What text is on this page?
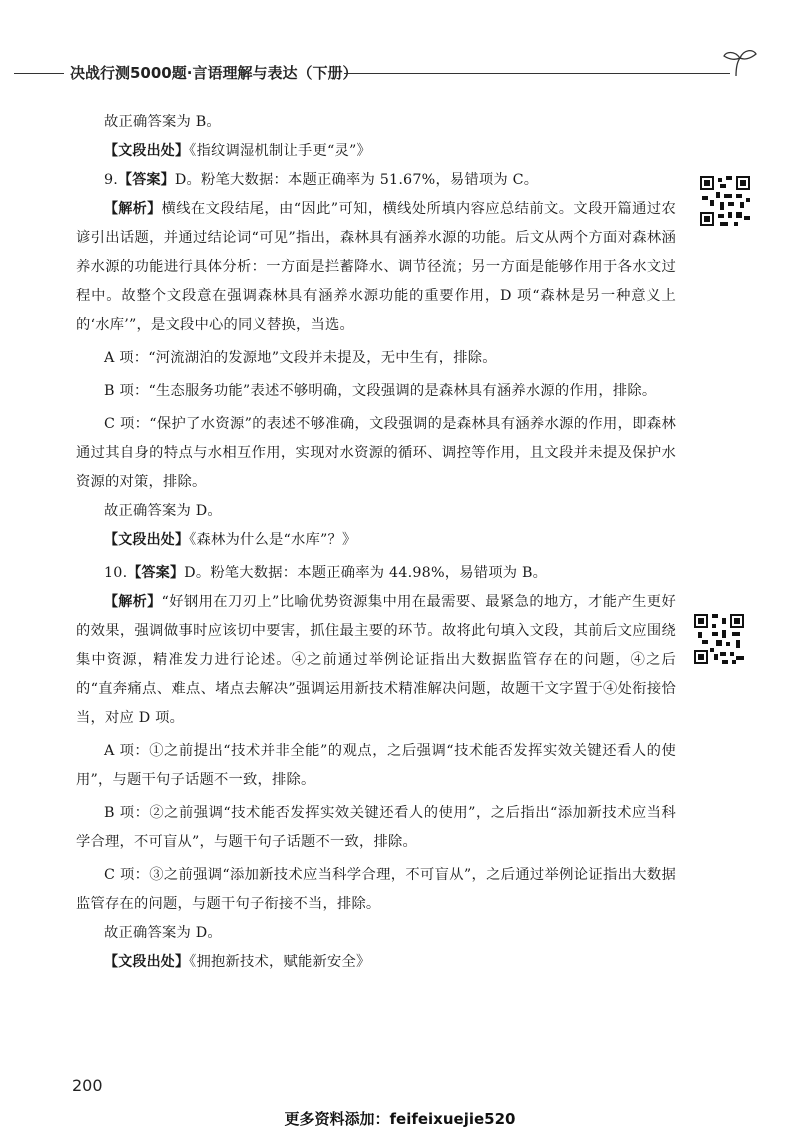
决战行测5000题·言语理解与表达（下册）

故正确答案为 B。

【文段出处】《指纹调湿机制让手更“灵”》

9.【答案】D。粉笔大数据：本题正确率为 51.67%，易错项为 C。

【解析】横线在文段结尾，由“因此”可知，横线处所填内容应总结前文。文段开篇通过农谚引出话题，并通过结论词“可见”指出，森林具有涵养水源的功能。后文从两个方面对森林涵养水源的功能进行具体分析：一方面是拦蓄降水、调节径流；另一方面是能够作用于各水文过程中。故整个文段意在强调森林具有涵养水源功能的重要作用，D 项“森林是另一种意义上的‘水库’”，是文段中心的同义替换，当选。

A 项：“河流湖泊的发源地”文段并未提及，无中生有，排除。

B 项：“生态服务功能”表述不够明确，文段强调的是森林具有涵养水源的作用，排除。

C 项：“保护了水资源”的表述不够准确，文段强调的是森林具有涵养水源的作用，即森林通过其自身的特点与水相互作用，实现对水资源的循环、调控等作用，且文段并未提及保护水资源的对策，排除。

故正确答案为 D。

【文段出处】《森林为什么是“水库”？》

10.【答案】D。粉笔大数据：本题正确率为 44.98%，易错项为 B。

【解析】“好钢用在刀刃上”比喻优势资源集中用在最需要、最紧急的地方，才能产生更好的效果，强调做事时应该切中要害，抓住最主要的环节。故将此句填入文段，其前后文应围绕集中资源，精准发力进行论述。④之前通过举例论证指出大数据监管存在的问题，④之后的“直奔痛点、难点、堵点去解决”强调运用新技术精准解决问题，故题干文字置于④处衔接恰当，对应 D 项。

A 项：①之前提出“技术并非全能”的观点，之后强调“技术能否发挥实效关键还看人的使用”，与题干句子话题不一致，排除。

B 项：②之前强调“技术能否发挥实效关键还看人的使用”，之后指出“添加新技术应当科学合理，不可盲从”，与题干句子话题不一致，排除。

C 项：③之前强调“添加新技术应当科学合理，不可盲从”，之后通过举例论证指出大数据监管存在的问题，与题干句子衔接不当，排除。

故正确答案为 D。

【文段出处】《拥抱新技术，赋能新安全》

200
更多资料添加：feifeixuejie520
